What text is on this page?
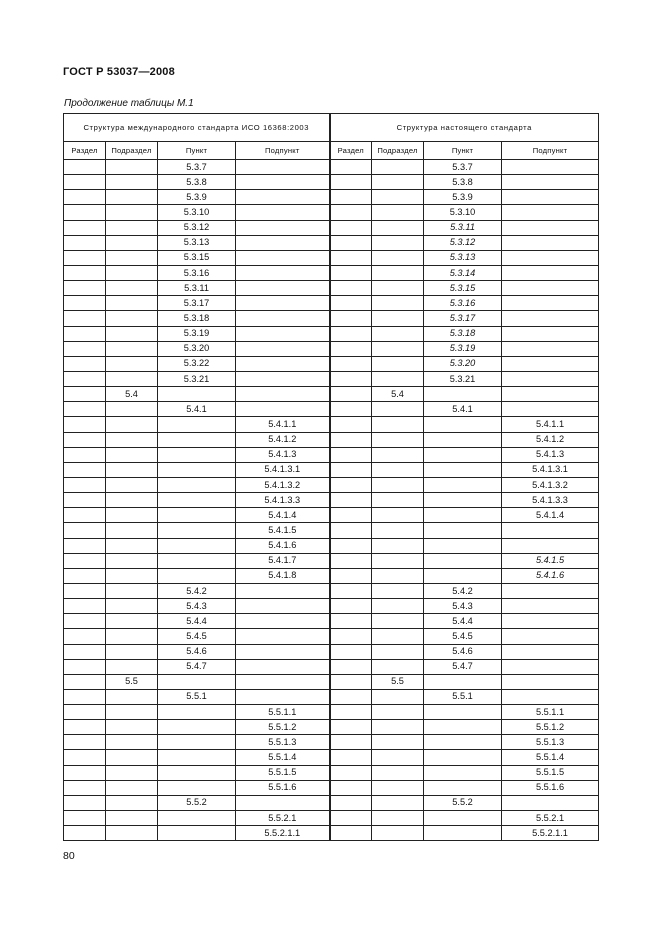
ГОСТ Р 53037—2008
Продолжение таблицы М.1
Структура международного стандарта ИСО 16368:2003				Структура настоящего стандарта			
Раздел	Подраздел	Пункт	Подпункт	Раздел	Подраздел	Пункт	Подпункт
		5.3.7				5.3.7	
		5.3.8				5.3.8	
		5.3.9				5.3.9	
		5.3.10				5.3.10	
		5.3.12				5.3.11	
		5.3.13				5.3.12	
		5.3.15				5.3.13	
		5.3.16				5.3.14	
		5.3.11				5.3.15	
		5.3.17				5.3.16	
		5.3.18				5.3.17	
		5.3.19				5.3.18	
		5.3.20				5.3.19	
		5.3.22				5.3.20	
		5.3.21				5.3.21	
	5.4				5.4		
		5.4.1				5.4.1	
			5.4.1.1				5.4.1.1
			5.4.1.2				5.4.1.2
			5.4.1.3				5.4.1.3
			5.4.1.3.1				5.4.1.3.1
			5.4.1.3.2				5.4.1.3.2
			5.4.1.3.3				5.4.1.3.3
			5.4.1.4				5.4.1.4
			5.4.1.5				
			5.4.1.6				
			5.4.1.7				5.4.1.5
			5.4.1.8				5.4.1.6
		5.4.2				5.4.2	
		5.4.3				5.4.3	
		5.4.4				5.4.4	
		5.4.5				5.4.5	
		5.4.6				5.4.6	
		5.4.7				5.4.7	
	5.5				5.5		
		5.5.1				5.5.1	
			5.5.1.1				5.5.1.1
			5.5.1.2				5.5.1.2
			5.5.1.3				5.5.1.3
			5.5.1.4				5.5.1.4
			5.5.1.5				5.5.1.5
			5.5.1.6				5.5.1.6
		5.5.2				5.5.2	
			5.5.2.1				5.5.2.1
			5.5.2.1.1				5.5.2.1.1
80
